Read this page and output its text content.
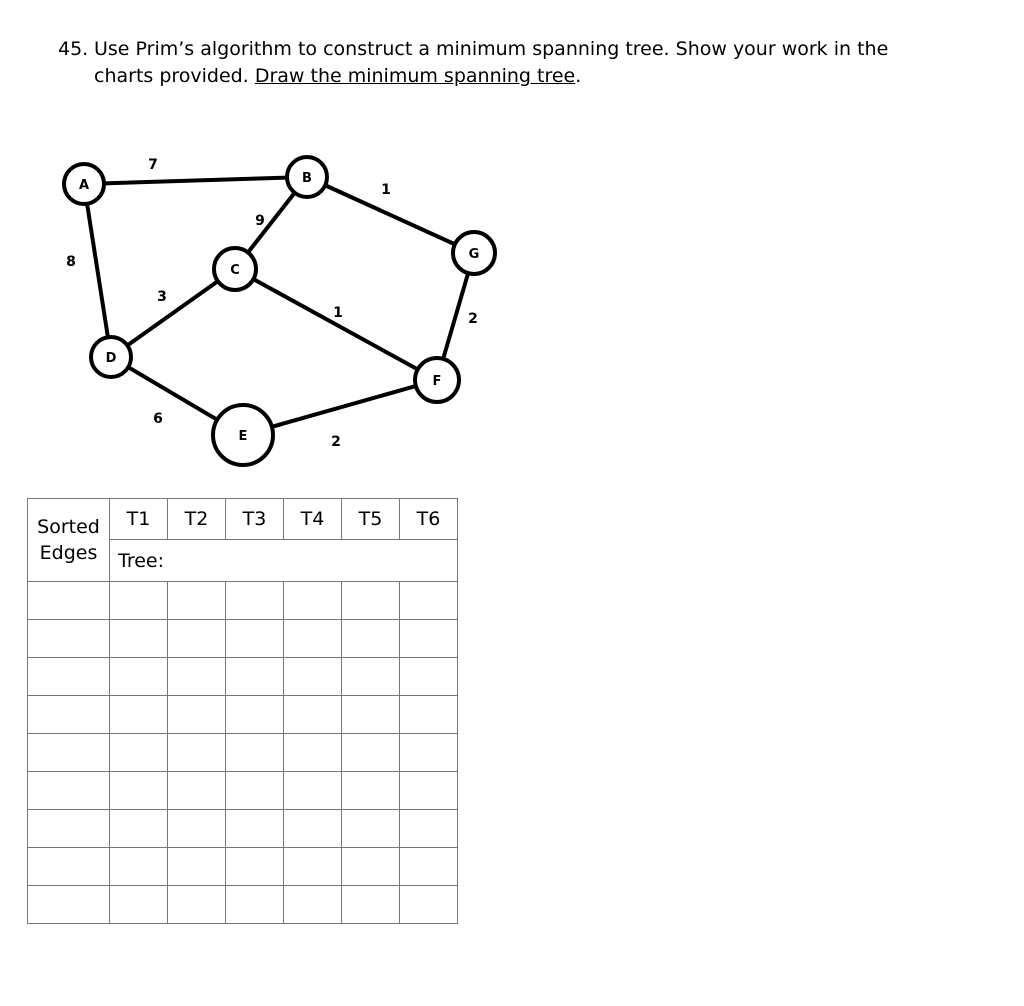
45. Use Prim’s algorithm to construct a minimum spanning tree. Show your work in the
charts provided. Draw the minimum spanning tree.
A	B
C
D
E
F
G
7
8
9
1
3
1
6
2
2
Sorted
Edges	T1	T2	T3	T4	T5	T6
	Tree:					
